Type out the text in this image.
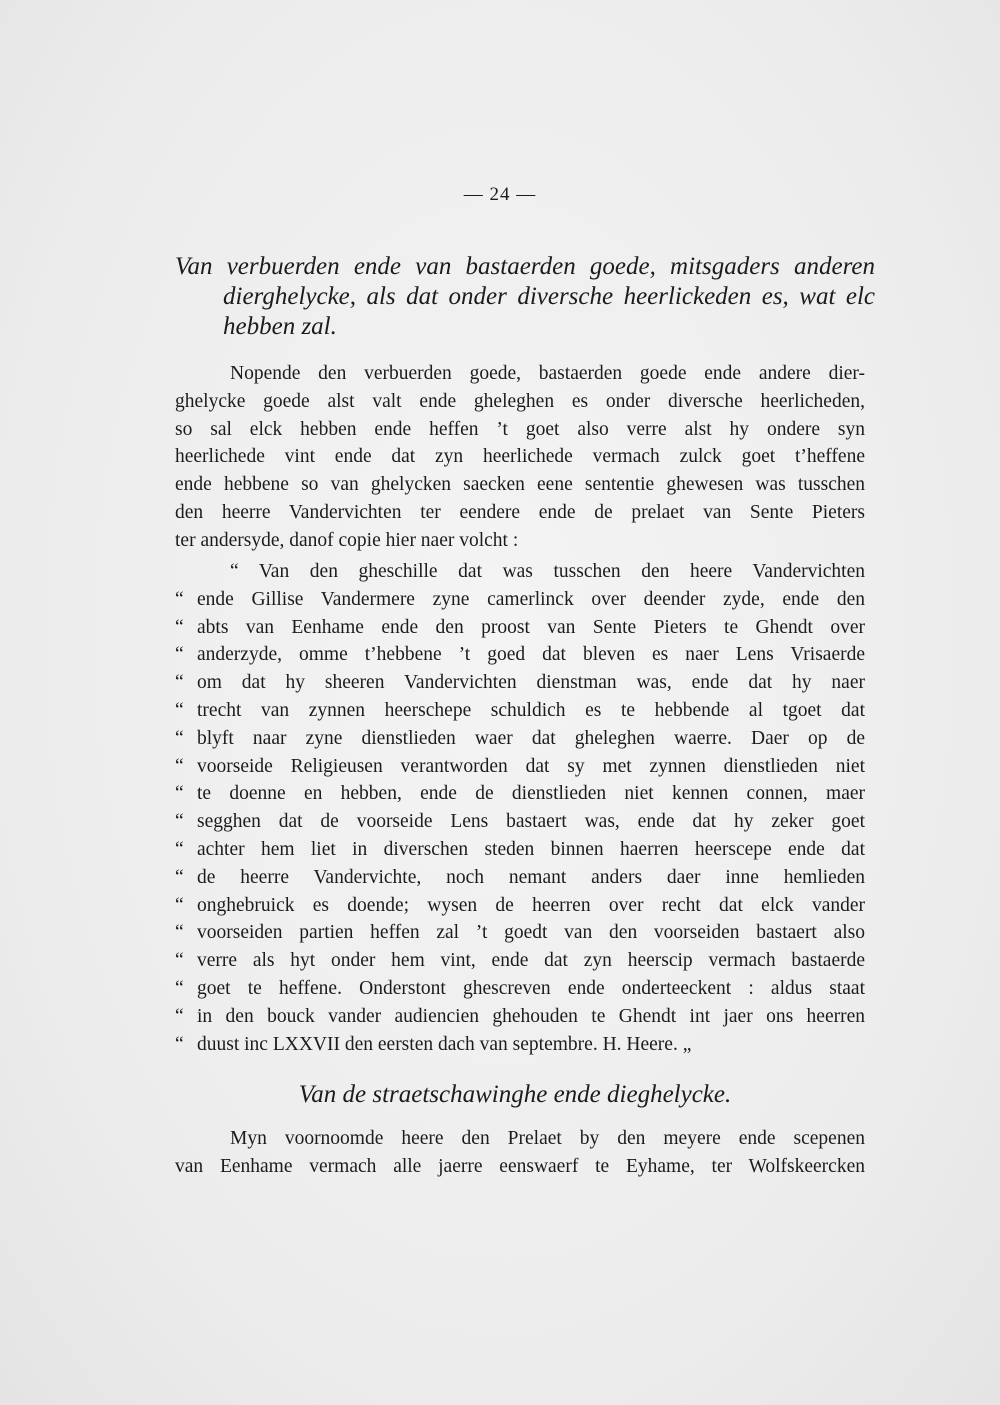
— 24 —
Van verbuerden ende van bastaerden goede, mitsgaders anderen
dierghelycke, als dat onder diversche heerlickeden es, wat elc
hebben zal.
Nopende den verbuerden goede, bastaerden goede ende andere dier-
ghelycke goede alst valt ende gheleghen es onder diversche heerlicheden,
so sal elck hebben ende heffen ’t goet also verre alst hy ondere syn
heerlichede vint ende dat zyn heerlichede vermach zulck goet t’heffene
ende hebbene so van ghelycken saecken eene sententie ghewesen was tusschen
den heerre Vandervichten ter eendere ende de prelaet van Sente Pieters
ter andersyde, danof copie hier naer volcht :
“ Van den gheschille dat was tusschen den heere Vandervichten
“ ende Gillise Vandermere zyne camerlinck over deender zyde, ende den
“ abts van Eenhame ende den proost van Sente Pieters te Ghendt over
“ anderzyde, omme t’hebbene ’t goed dat bleven es naer Lens Vrisaerde
“ om dat hy sheeren Vandervichten dienstman was, ende dat hy naer
“ trecht van zynnen heerschepe schuldich es te hebbende al tgoet dat
“ blyft naar zyne dienstlieden waer dat gheleghen waerre. Daer op de
“ voorseide Religieusen verantworden dat sy met zynnen dienstlieden niet
“ te doenne en hebben, ende de dienstlieden niet kennen connen, maer
“ segghen dat de voorseide Lens bastaert was, ende dat hy zeker goet
“ achter hem liet in diverschen steden binnen haerren heerscepe ende dat
“ de heerre Vandervichte, noch nemant anders daer inne hemlieden
“ onghebruick es doende; wysen de heerren over recht dat elck vander
“ voorseiden partien heffen zal ’t goedt van den voorseiden bastaert also
“ verre als hyt onder hem vint, ende dat zyn heerscip vermach bastaerde
“ goet te heffene. Onderstont ghescreven ende onderteeckent : aldus staat
“ in den bouck vander audiencien ghehouden te Ghendt int jaer ons heerren
“ duust inc LXXVII den eersten dach van septembre. H. Heere. „
Van de straetschawinghe ende dieghelycke.
Myn voornoomde heere den Prelaet by den meyere ende scepenen
van Eenhame vermach alle jaerre eenswaerf te Eyhame, ter Wolfskeercken
